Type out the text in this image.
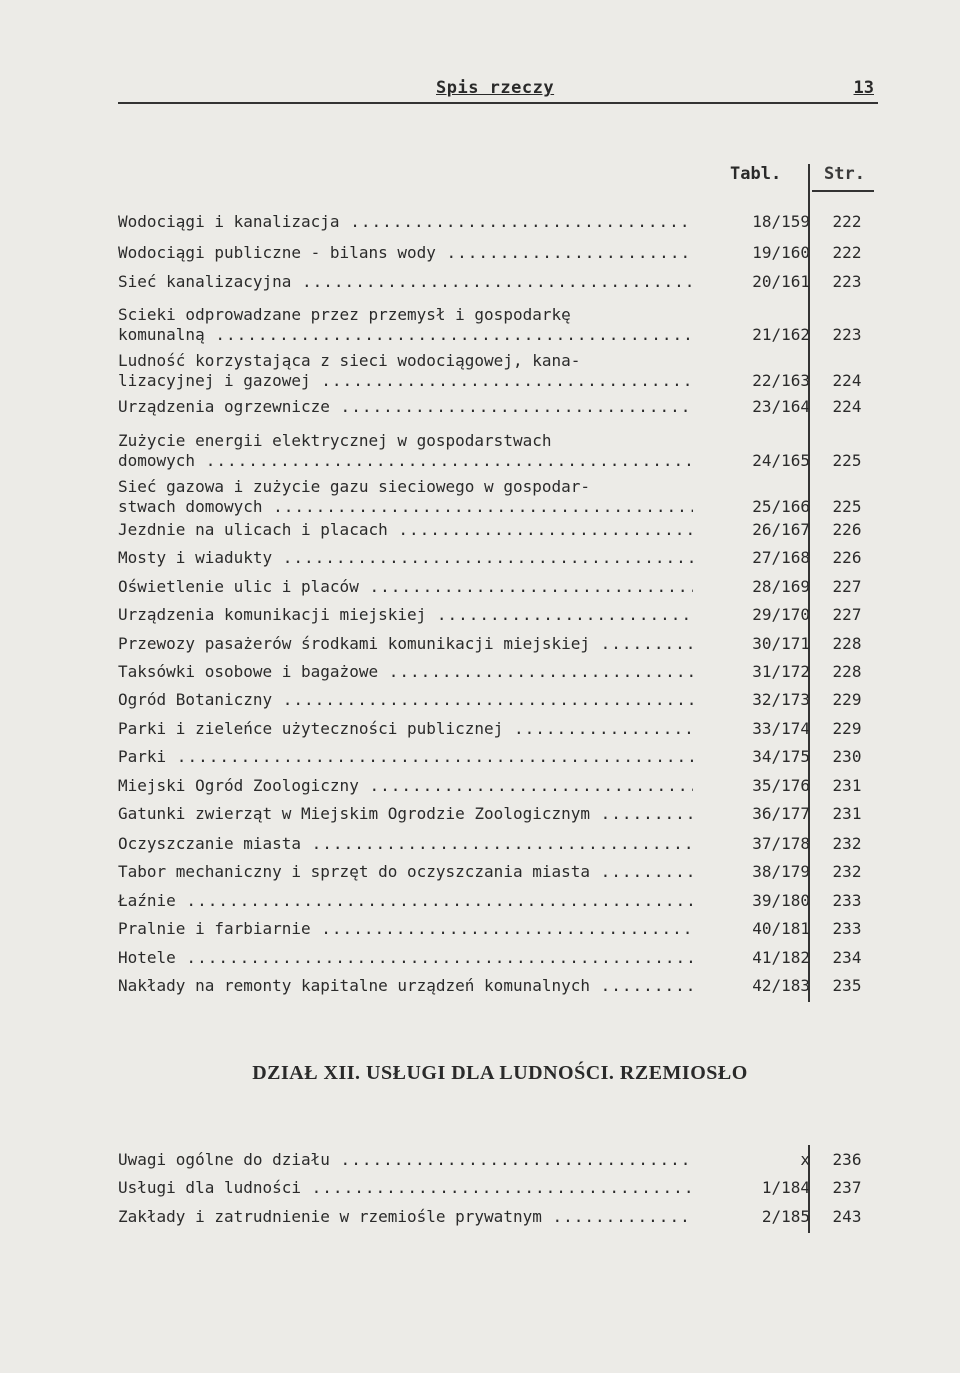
Spis rzeczy	13
Tabl.	Str.
Wodociągi i kanalizacja .....	18/159	222
Wodociągi publiczne - bilans wody .....	19/160	222
Sieć kanalizacyjna .....	20/161	223
Scieki odprowadzane przez przemysł i gospodarkę
komunalną .....	21/162	223
Ludność korzystająca z sieci wodociągowej, kana-
lizacyjnej i gazowej .....	22/163	224
Urządzenia ogrzewnicze .....	23/164	224
Zużycie energii elektrycznej w gospodarstwach
domowych .....	24/165	225
Sieć gazowa i zużycie gazu sieciowego w gospodar-
stwach domowych .....	25/166	225
Jezdnie na ulicach i placach .....	26/167	226
Mosty i wiadukty .....	27/168	226
Oświetlenie ulic i placów .....	28/169	227
Urządzenia komunikacji miejskiej .....	29/170	227
Przewozy pasażerów środkami komunikacji miejskiej .....	30/171	228
Taksówki osobowe i bagażowe .....	31/172	228
Ogród Botaniczny .....	32/173	229
Parki i zieleńce użyteczności publicznej .....	33/174	229
Parki .....	34/175	230
Miejski Ogród Zoologiczny .....	35/176	231
Gatunki zwierząt w Miejskim Ogrodzie Zoologicznym .....	36/177	231
Oczyszczanie miasta .....	37/178	232
Tabor mechaniczny i sprzęt do oczyszczania miasta .....	38/179	232
Łaźnie .....	39/180	233
Pralnie i farbiarnie .....	40/181	233
Hotele .....	41/182	234
Nakłady na remonty kapitalne urządzeń komunalnych .....	42/183	235
DZIAŁ XII. USŁUGI DLA LUDNOŚCI. RZEMIOSŁO
Uwagi ogólne do działu .....	x	236
Usługi dla ludności .....	1/184	237
Zakłady i zatrudnienie w rzemiośle prywatnym .....	2/185	243
